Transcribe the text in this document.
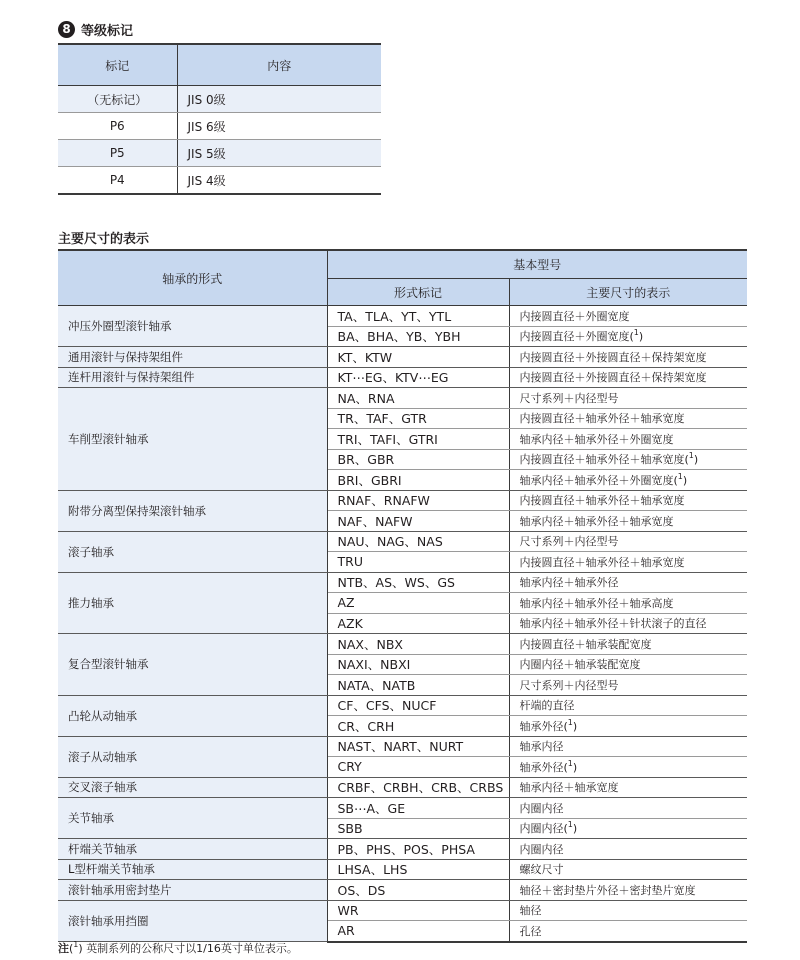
8 等级标记
标记	内容
（无标记）	JIS 0级
P6	JIS 6级
P5	JIS 5级
P4	JIS 4级
主要尺寸的表示
轴承的形式	基本型号	
	形式标记	主要尺寸的表示
冲压外圈型滚针轴承	TA、TLA、YT、YTL	内接圆直径＋外圈宽度
	BA、BHA、YB、YBH	内接圆直径＋外圈宽度($^1$)
通用滚针与保持架组件	KT、KTW	内接圆直径＋外接圆直径＋保持架宽度
连杆用滚针与保持架组件	KT⋯EG、KTV⋯EG	内接圆直径＋外接圆直径＋保持架宽度
车削型滚针轴承	NA、RNA	尺寸系列＋内径型号
	TR、TAF、GTR	内接圆直径＋轴承外径＋轴承宽度
	TRI、TAFI、GTRI	轴承内径＋轴承外径＋外圈宽度
	BR、GBR	内接圆直径＋轴承外径＋轴承宽度($^1$)
	BRI、GBRI	轴承内径＋轴承外径＋外圈宽度($^1$)
附带分离型保持架滚针轴承	RNAF、RNAFW	内接圆直径＋轴承外径＋轴承宽度
	NAF、NAFW	轴承内径＋轴承外径＋轴承宽度
滚子轴承	NAU、NAG、NAS	尺寸系列＋内径型号
	TRU	内接圆直径＋轴承外径＋轴承宽度
推力轴承	NTB、AS、WS、GS	轴承内径＋轴承外径
	AZ	轴承内径＋轴承外径＋轴承高度
	AZK	轴承内径＋轴承外径＋针状滚子的直径
复合型滚针轴承	NAX、NBX	内接圆直径＋轴承装配宽度
	NAXI、NBXI	内圈内径＋轴承装配宽度
	NATA、NATB	尺寸系列＋内径型号
凸轮从动轴承	CF、CFS、NUCF	杆端的直径
	CR、CRH	轴承外径($^1$)
滚子从动轴承	NAST、NART、NURT	轴承内径
	CRY	轴承外径($^1$)
交叉滚子轴承	CRBF、CRBH、CRB、CRBS	轴承内径＋轴承宽度
关节轴承	SB⋯A、GE	内圈内径
	SBB	内圈内径($^1$)
杆端关节轴承	PB、PHS、POS、PHSA	内圈内径
L型杆端关节轴承	LHSA、LHS	螺纹尺寸
滚针轴承用密封垫片	OS、DS	轴径＋密封垫片外径＋密封垫片宽度
滚针轴承用挡圈	WR	轴径
	AR	孔径
注($^1$) 英制系列的公称尺寸以1/16英寸单位表示。
